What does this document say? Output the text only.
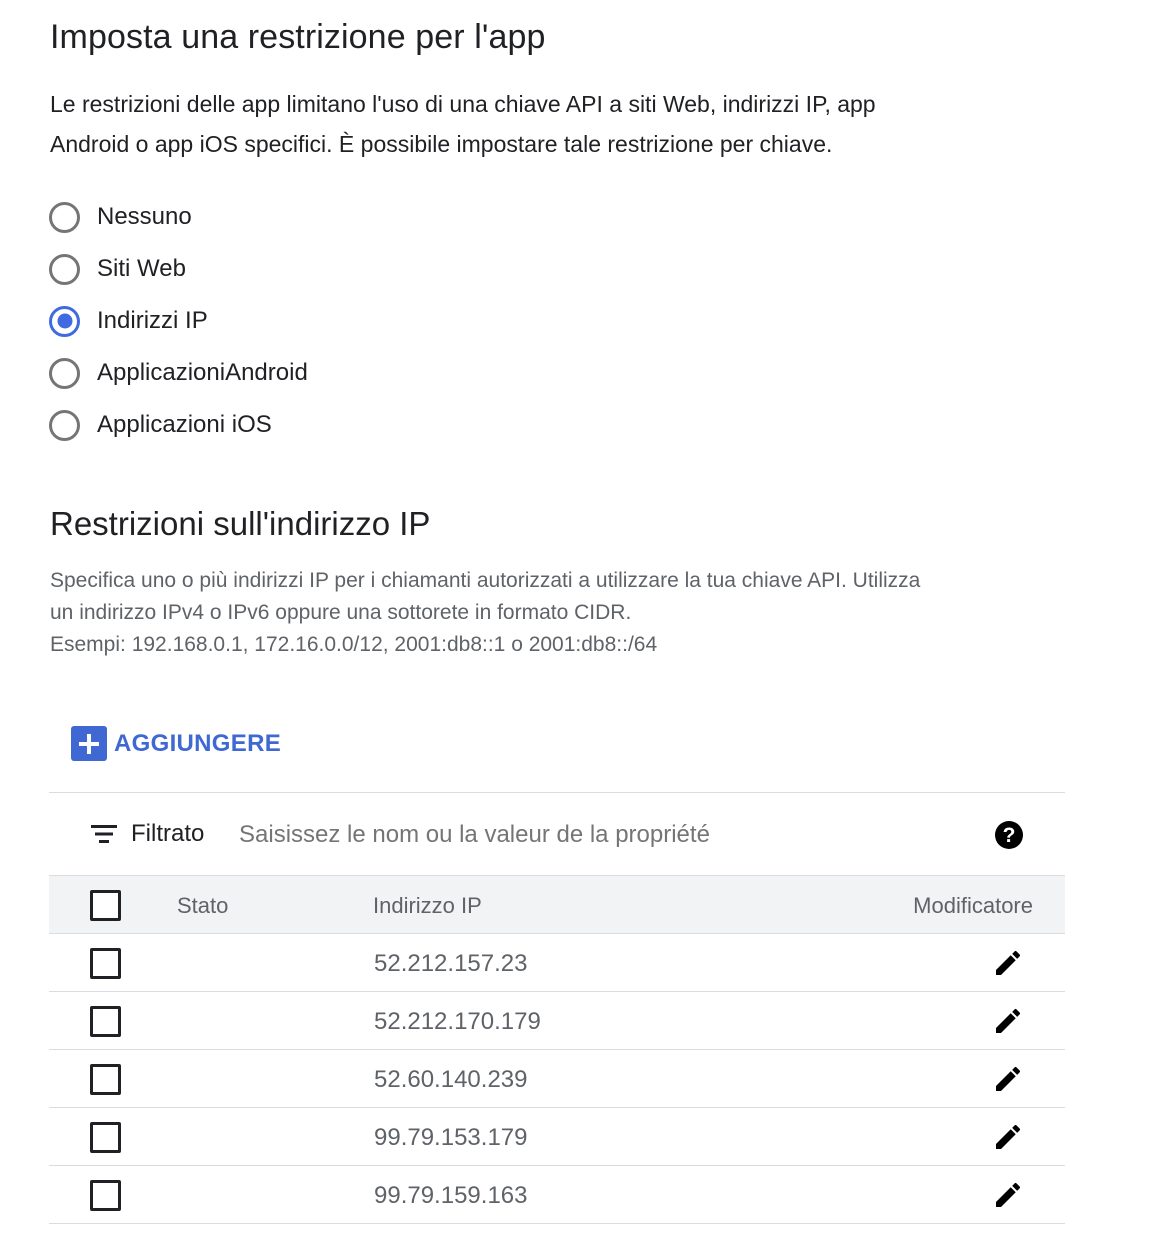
Imposta una restrizione per l'app
Le restrizioni delle app limitano l'uso di una chiave API a siti Web, indirizzi IP, app
Android o app iOS specifici. È possibile impostare tale restrizione per chiave.
Nessuno
Siti Web
Indirizzi IP
ApplicazioniAndroid
Applicazioni iOS
Restrizioni sull'indirizzo IP
Specifica uno o più indirizzi IP per i chiamanti autorizzati a utilizzare la tua chiave API. Utilizza
un indirizzo IPv4 o IPv6 oppure una sottorete in formato CIDR.
Esempi: 192.168.0.1, 172.16.0.0/12, 2001:db8::1 o 2001:db8::/64
AGGIUNGERE
Filtrato
Saisissez le nom ou la valeur de la propriété	?
Stato	Indirizzo IP	Modificatore
52.212.157.23
52.212.170.179
52.60.140.239
99.79.153.179
99.79.159.163
